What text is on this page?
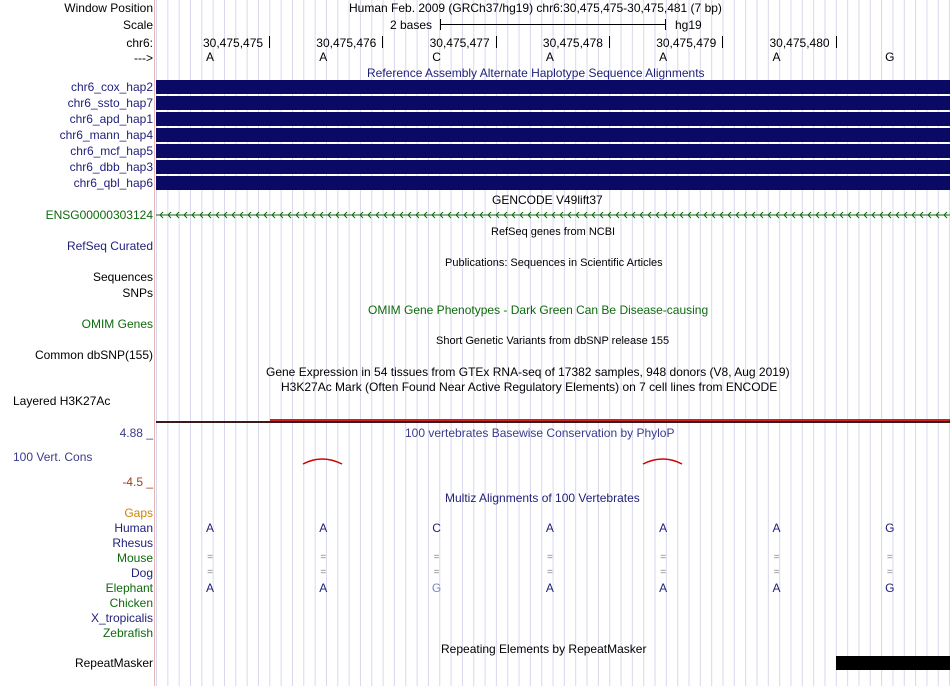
Window Position	Human Feb. 2009 (GRCh37/hg19) chr6:30,475,475-30,475,481 (7 bp)
Scale	2 bases	hg19
chr6:	30,475,475	30,475,476	30,475,477	30,475,478	30,475,479	30,475,480
--->	A	A	C	A	A	A	G
Reference Assembly Alternate Haplotype Sequence Alignments
chr6_cox_hap2
chr6_ssto_hap7
chr6_apd_hap1
chr6_mann_hap4
chr6_mcf_hap5
chr6_dbb_hap3
chr6_qbl_hap6
GENCODE V49lift37
ENSG00000303124
RefSeq genes from NCBI
RefSeq Curated
Publications: Sequences in Scientific Articles
Sequences
SNPs
OMIM Gene Phenotypes - Dark Green Can Be Disease-causing
OMIM Genes
Short Genetic Variants from dbSNP release 155
Common dbSNP(155)
Gene Expression in 54 tissues from GTEx RNA-seq of 17382 samples, 948 donors (V8, Aug 2019)
H3K27Ac Mark (Often Found Near Active Regulatory Elements) on 7 cell lines from ENCODE
Layered H3K27Ac
4.88 _	100 vertebrates Basewise Conservation by PhyloP
100 Vert. Cons
-4.5 _
Multiz Alignments of 100 Vertebrates
Gaps
Human	A	A	C	A	A	A	G
Rhesus
Mouse	=	=	=	=	=	=	=
Dog	=	=	=	=	=	=	=
Elephant	A	A	G	A	A	A	G
Chicken
X_tropicalis
Zebrafish
Repeating Elements by RepeatMasker
RepeatMasker
